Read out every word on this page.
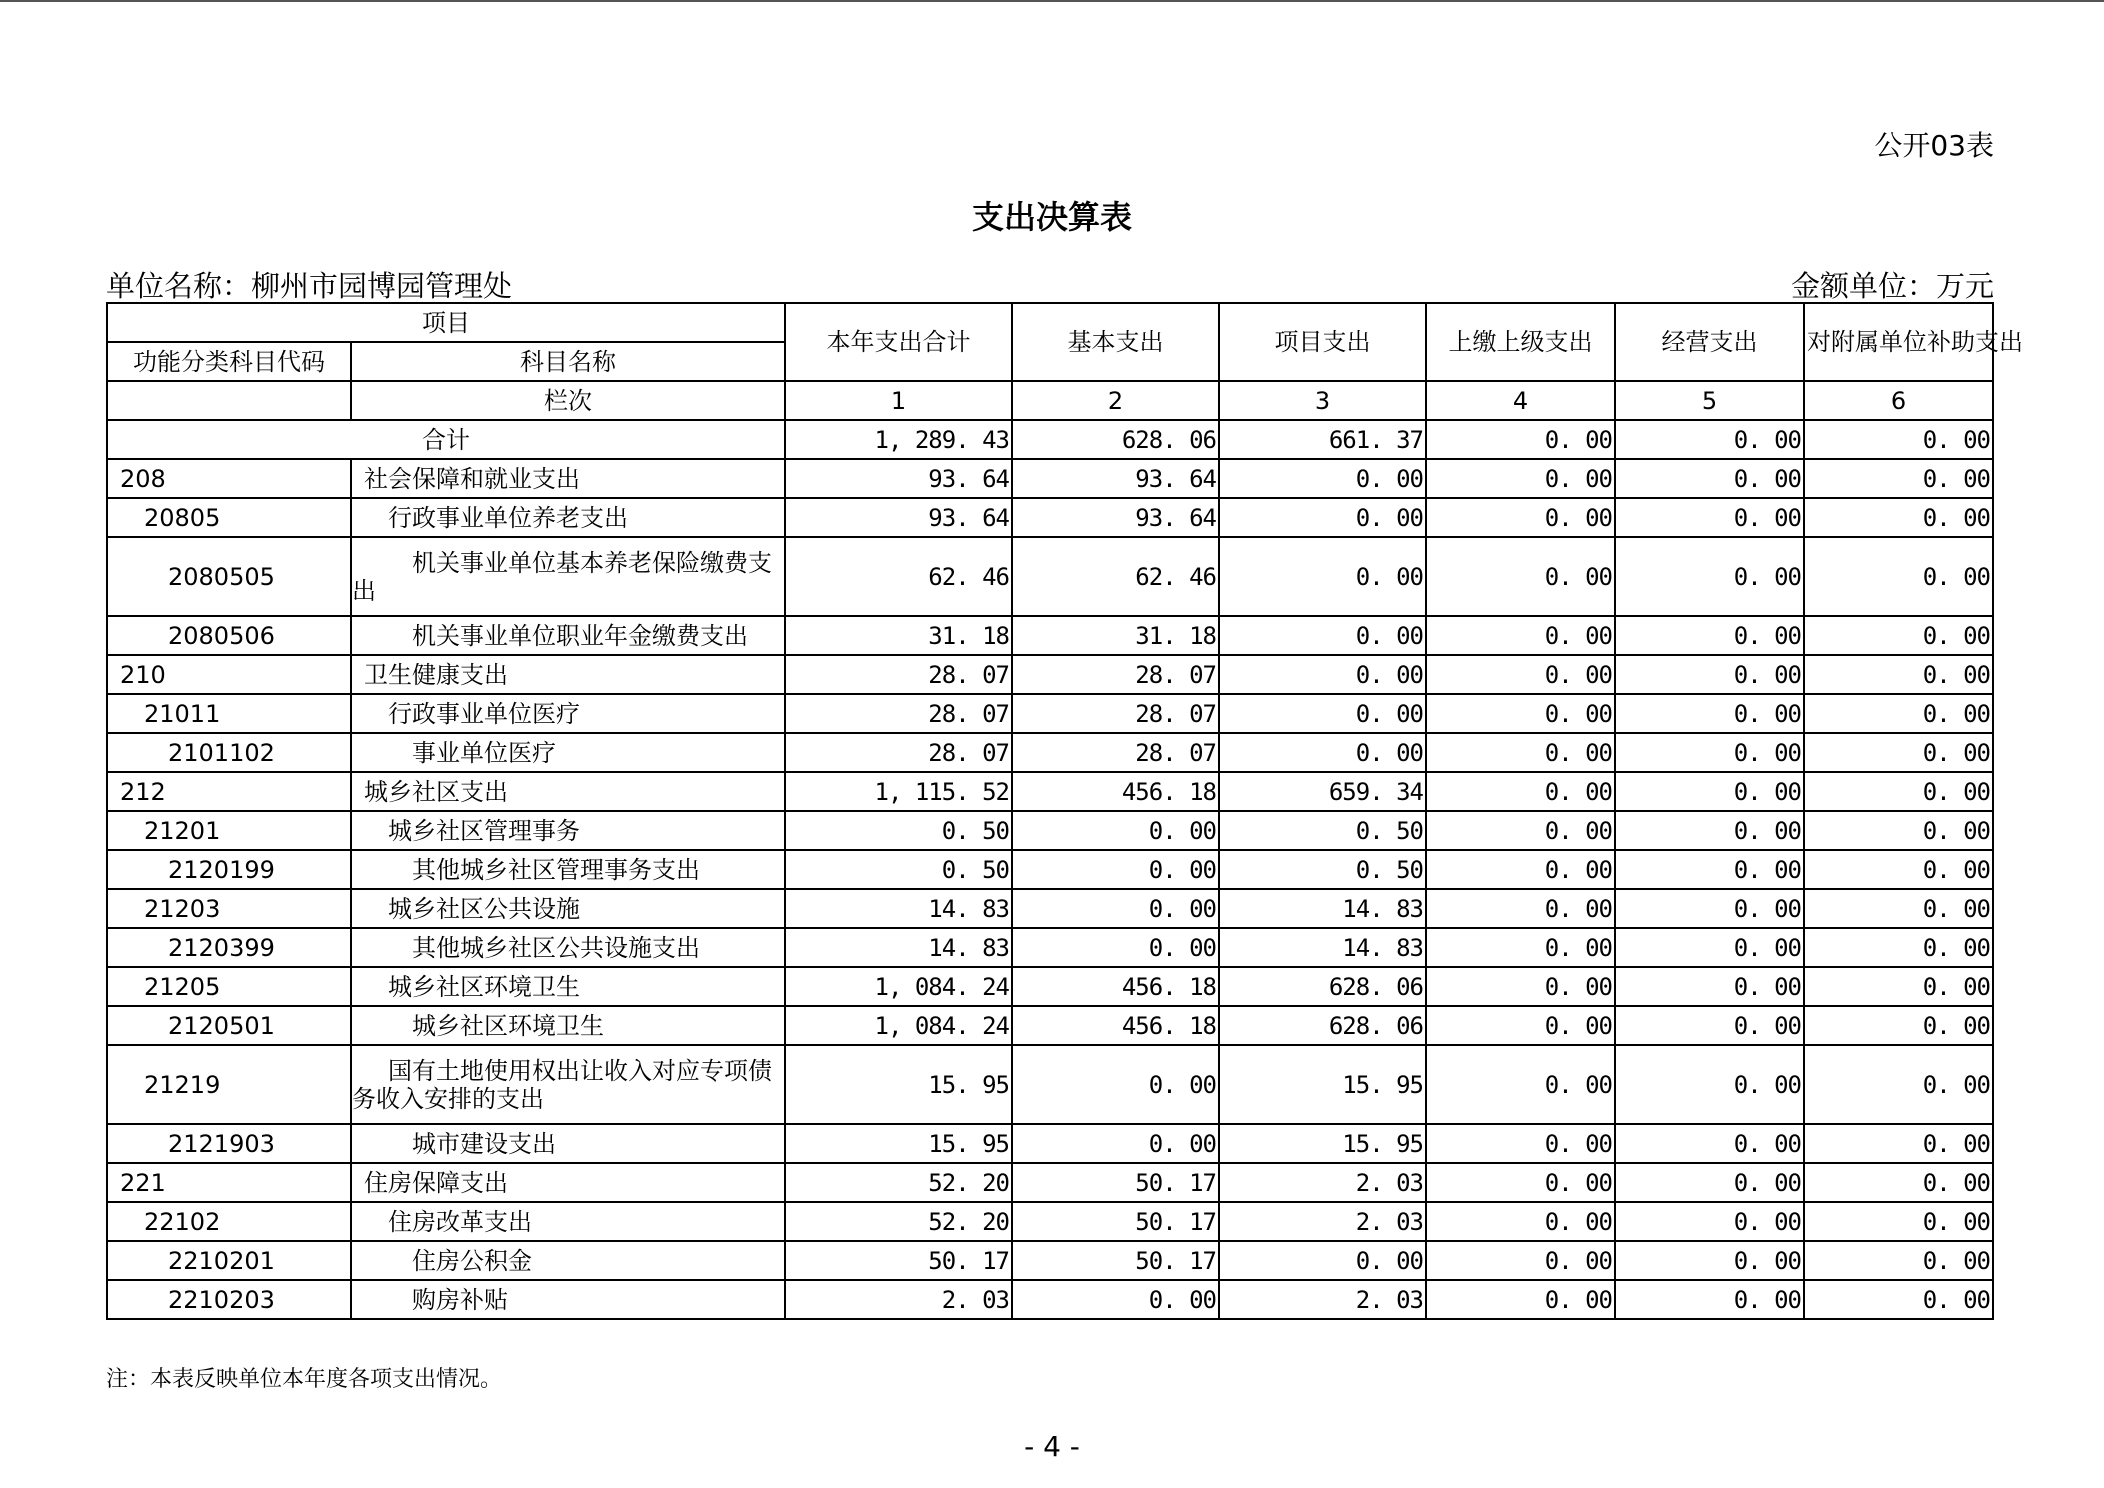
公开03表
支出决算表
单位名称：柳州市园博园管理处	金额单位：万元
项目		本年支出合计	基本支出	项目支出	上缴上级支出	经营支出	对附属单位补助支出
功能分类科目代码	科目名称						
	栏次	1	2	3	4	5	6
合计		1, 289. 43	628. 06	661. 37	0. 00	0. 00	0. 00
208	社会保障和就业支出	93. 64	93. 64	0. 00	0. 00	0. 00	0. 00
20805	行政事业单位养老支出	93. 64	93. 64	0. 00	0. 00	0. 00	0. 00
2080505	机关事业单位基本养老保险缴费支出	62. 46	62. 46	0. 00	0. 00	0. 00	0. 00
2080506	机关事业单位职业年金缴费支出	31. 18	31. 18	0. 00	0. 00	0. 00	0. 00
210	卫生健康支出	28. 07	28. 07	0. 00	0. 00	0. 00	0. 00
21011	行政事业单位医疗	28. 07	28. 07	0. 00	0. 00	0. 00	0. 00
2101102	事业单位医疗	28. 07	28. 07	0. 00	0. 00	0. 00	0. 00
212	城乡社区支出	1, 115. 52	456. 18	659. 34	0. 00	0. 00	0. 00
21201	城乡社区管理事务	0. 50	0. 00	0. 50	0. 00	0. 00	0. 00
2120199	其他城乡社区管理事务支出	0. 50	0. 00	0. 50	0. 00	0. 00	0. 00
21203	城乡社区公共设施	14. 83	0. 00	14. 83	0. 00	0. 00	0. 00
2120399	其他城乡社区公共设施支出	14. 83	0. 00	14. 83	0. 00	0. 00	0. 00
21205	城乡社区环境卫生	1, 084. 24	456. 18	628. 06	0. 00	0. 00	0. 00
2120501	城乡社区环境卫生	1, 084. 24	456. 18	628. 06	0. 00	0. 00	0. 00
21219	国有土地使用权出让收入对应专项债务收入安排的支出	15. 95	0. 00	15. 95	0. 00	0. 00	0. 00
2121903	城市建设支出	15. 95	0. 00	15. 95	0. 00	0. 00	0. 00
221	住房保障支出	52. 20	50. 17	2. 03	0. 00	0. 00	0. 00
22102	住房改革支出	52. 20	50. 17	2. 03	0. 00	0. 00	0. 00
2210201	住房公积金	50. 17	50. 17	0. 00	0. 00	0. 00	0. 00
2210203	购房补贴	2. 03	0. 00	2. 03	0. 00	0. 00	0. 00
注：本表反映单位本年度各项支出情况。
- 4 -
